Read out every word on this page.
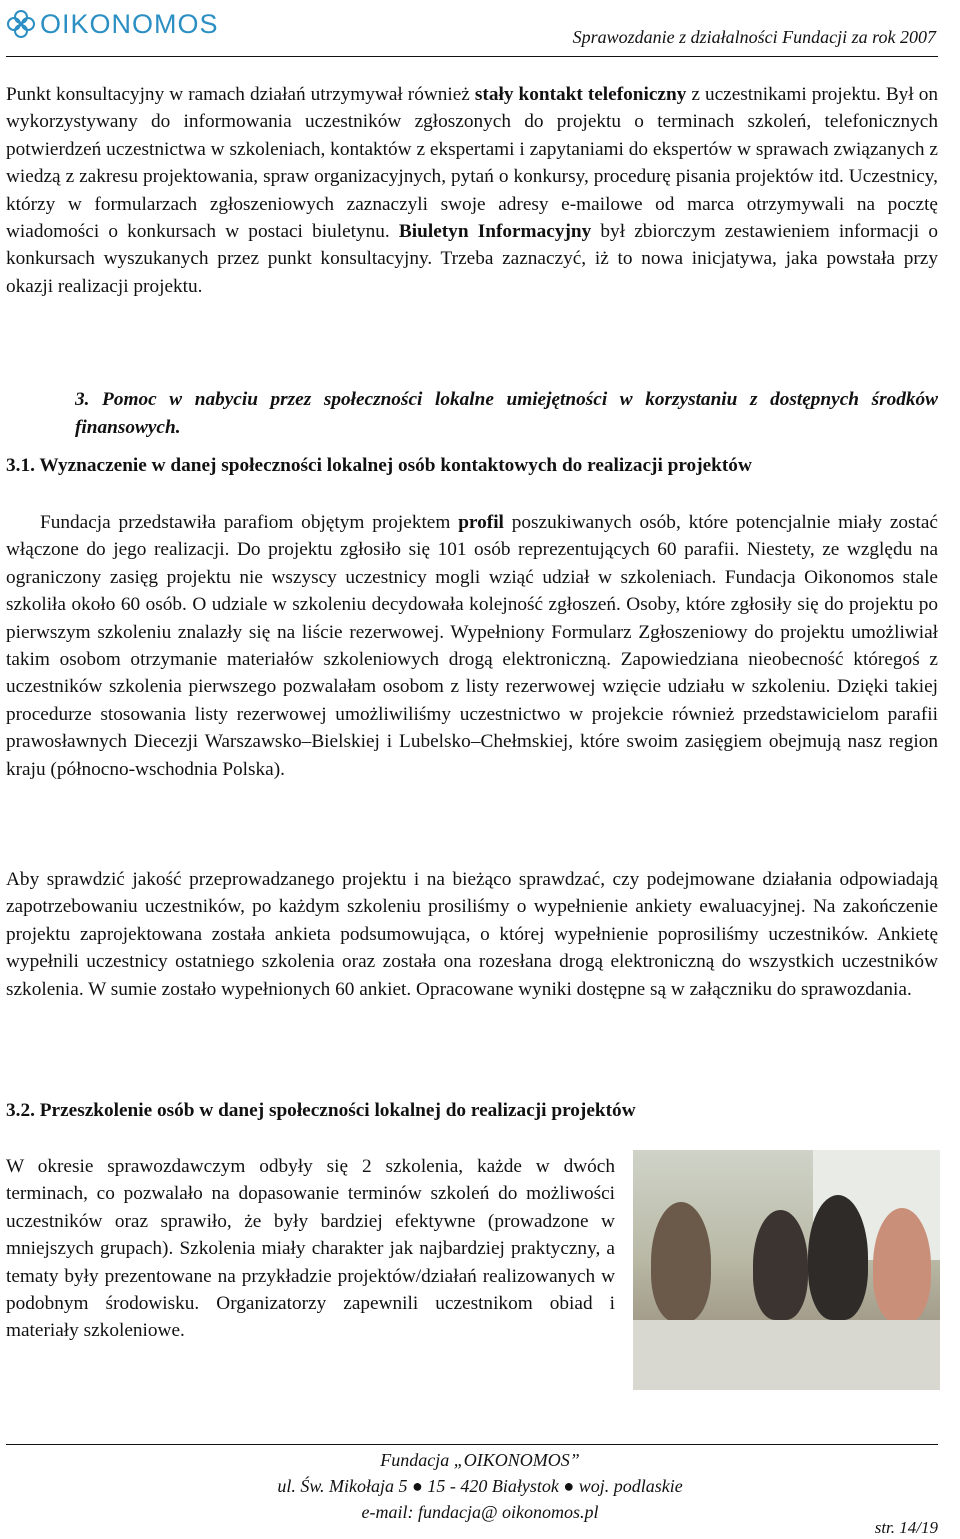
OIKONOMOS	Sprawozdanie z działalności Fundacji za rok 2007

Punkt konsultacyjny w ramach działań utrzymywał również stały kontakt telefoniczny z uczestnikami projektu. Był on wykorzystywany do informowania uczestników zgłoszonych do projektu o terminach szkoleń, telefonicznych potwierdzeń uczestnictwa w szkoleniach, kontaktów z ekspertami i zapytaniami do ekspertów w sprawach związanych z wiedzą z zakresu projektowania, spraw organizacyjnych, pytań o konkursy, procedurę pisania projektów itd. Uczestnicy, którzy w formularzach zgłoszeniowych zaznaczyli swoje adresy e-mailowe od marca otrzymywali na pocztę wiadomości o konkursach w postaci biuletynu. Biuletyn Informacyjny był zbiorczym zestawieniem informacji o konkursach wyszukanych przez punkt konsultacyjny. Trzeba zaznaczyć, iż to nowa inicjatywa, jaka powstała przy okazji realizacji projektu.

3. Pomoc w nabyciu przez społeczności lokalne umiejętności w korzystaniu z dostępnych środków finansowych.
3.1. Wyznaczenie w danej społeczności lokalnej osób kontaktowych do realizacji projektów

Fundacja przedstawiła parafiom objętym projektem profil poszukiwanych osób, które potencjalnie miały zostać włączone do jego realizacji. Do projektu zgłosiło się 101 osób reprezentujących 60 parafii. Niestety, ze względu na ograniczony zasięg projektu nie wszyscy uczestnicy mogli wziąć udział w szkoleniach. Fundacja Oikonomos stale szkoliła około 60 osób. O udziale w szkoleniu decydowała kolejność zgłoszeń. Osoby, które zgłosiły się do projektu po pierwszym szkoleniu znalazły się na liście rezerwowej. Wypełniony Formularz Zgłoszeniowy do projektu umożliwiał takim osobom otrzymanie materiałów szkoleniowych drogą elektroniczną. Zapowiedziana nieobecność któregoś z uczestników szkolenia pierwszego pozwalałam osobom z listy rezerwowej wzięcie udziału w szkoleniu. Dzięki takiej procedurze stosowania listy rezerwowej umożliwiliśmy uczestnictwo w projekcie również przedstawicielom parafii prawosławnych Diecezji Warszawsko–Bielskiej i Lubelsko–Chełmskiej, które swoim zasięgiem obejmują nasz region kraju (północno-wschodnia Polska).

Aby sprawdzić jakość przeprowadzanego projektu i na bieżąco sprawdzać, czy podejmowane działania odpowiadają zapotrzebowaniu uczestników, po każdym szkoleniu prosiliśmy o wypełnienie ankiety ewaluacyjnej. Na zakończenie projektu zaprojektowana została ankieta podsumowująca, o której wypełnienie poprosiliśmy uczestników. Ankietę wypełnili uczestnicy ostatniego szkolenia oraz została ona rozesłana drogą elektroniczną do wszystkich uczestników szkolenia. W sumie zostało wypełnionych 60 ankiet. Opracowane wyniki dostępne są w załączniku do sprawozdania.

3.2. Przeszkolenie osób w danej społeczności lokalnej do realizacji projektów
W okresie sprawozdawczym odbyły się 2 szkolenia, każde w dwóch terminach, co pozwalało na dopasowanie terminów szkoleń do możliwości uczestników oraz sprawiło, że były bardziej efektywne (prowadzone w mniejszych grupach). Szkolenia miały charakter jak najbardziej praktyczny, a tematy były prezentowane na przykładzie projektów/działań realizowanych w podobnym środowisku. Organizatorzy zapewnili uczestnikom obiad i materiały szkoleniowe.
Fundacja „OIKONOMOS”
ul. Św. Mikołaja 5 ● 15 - 420 Białystok ● woj. podlaskie
e-mail: fundacja@ oikonomos.pl
str. 14/19
